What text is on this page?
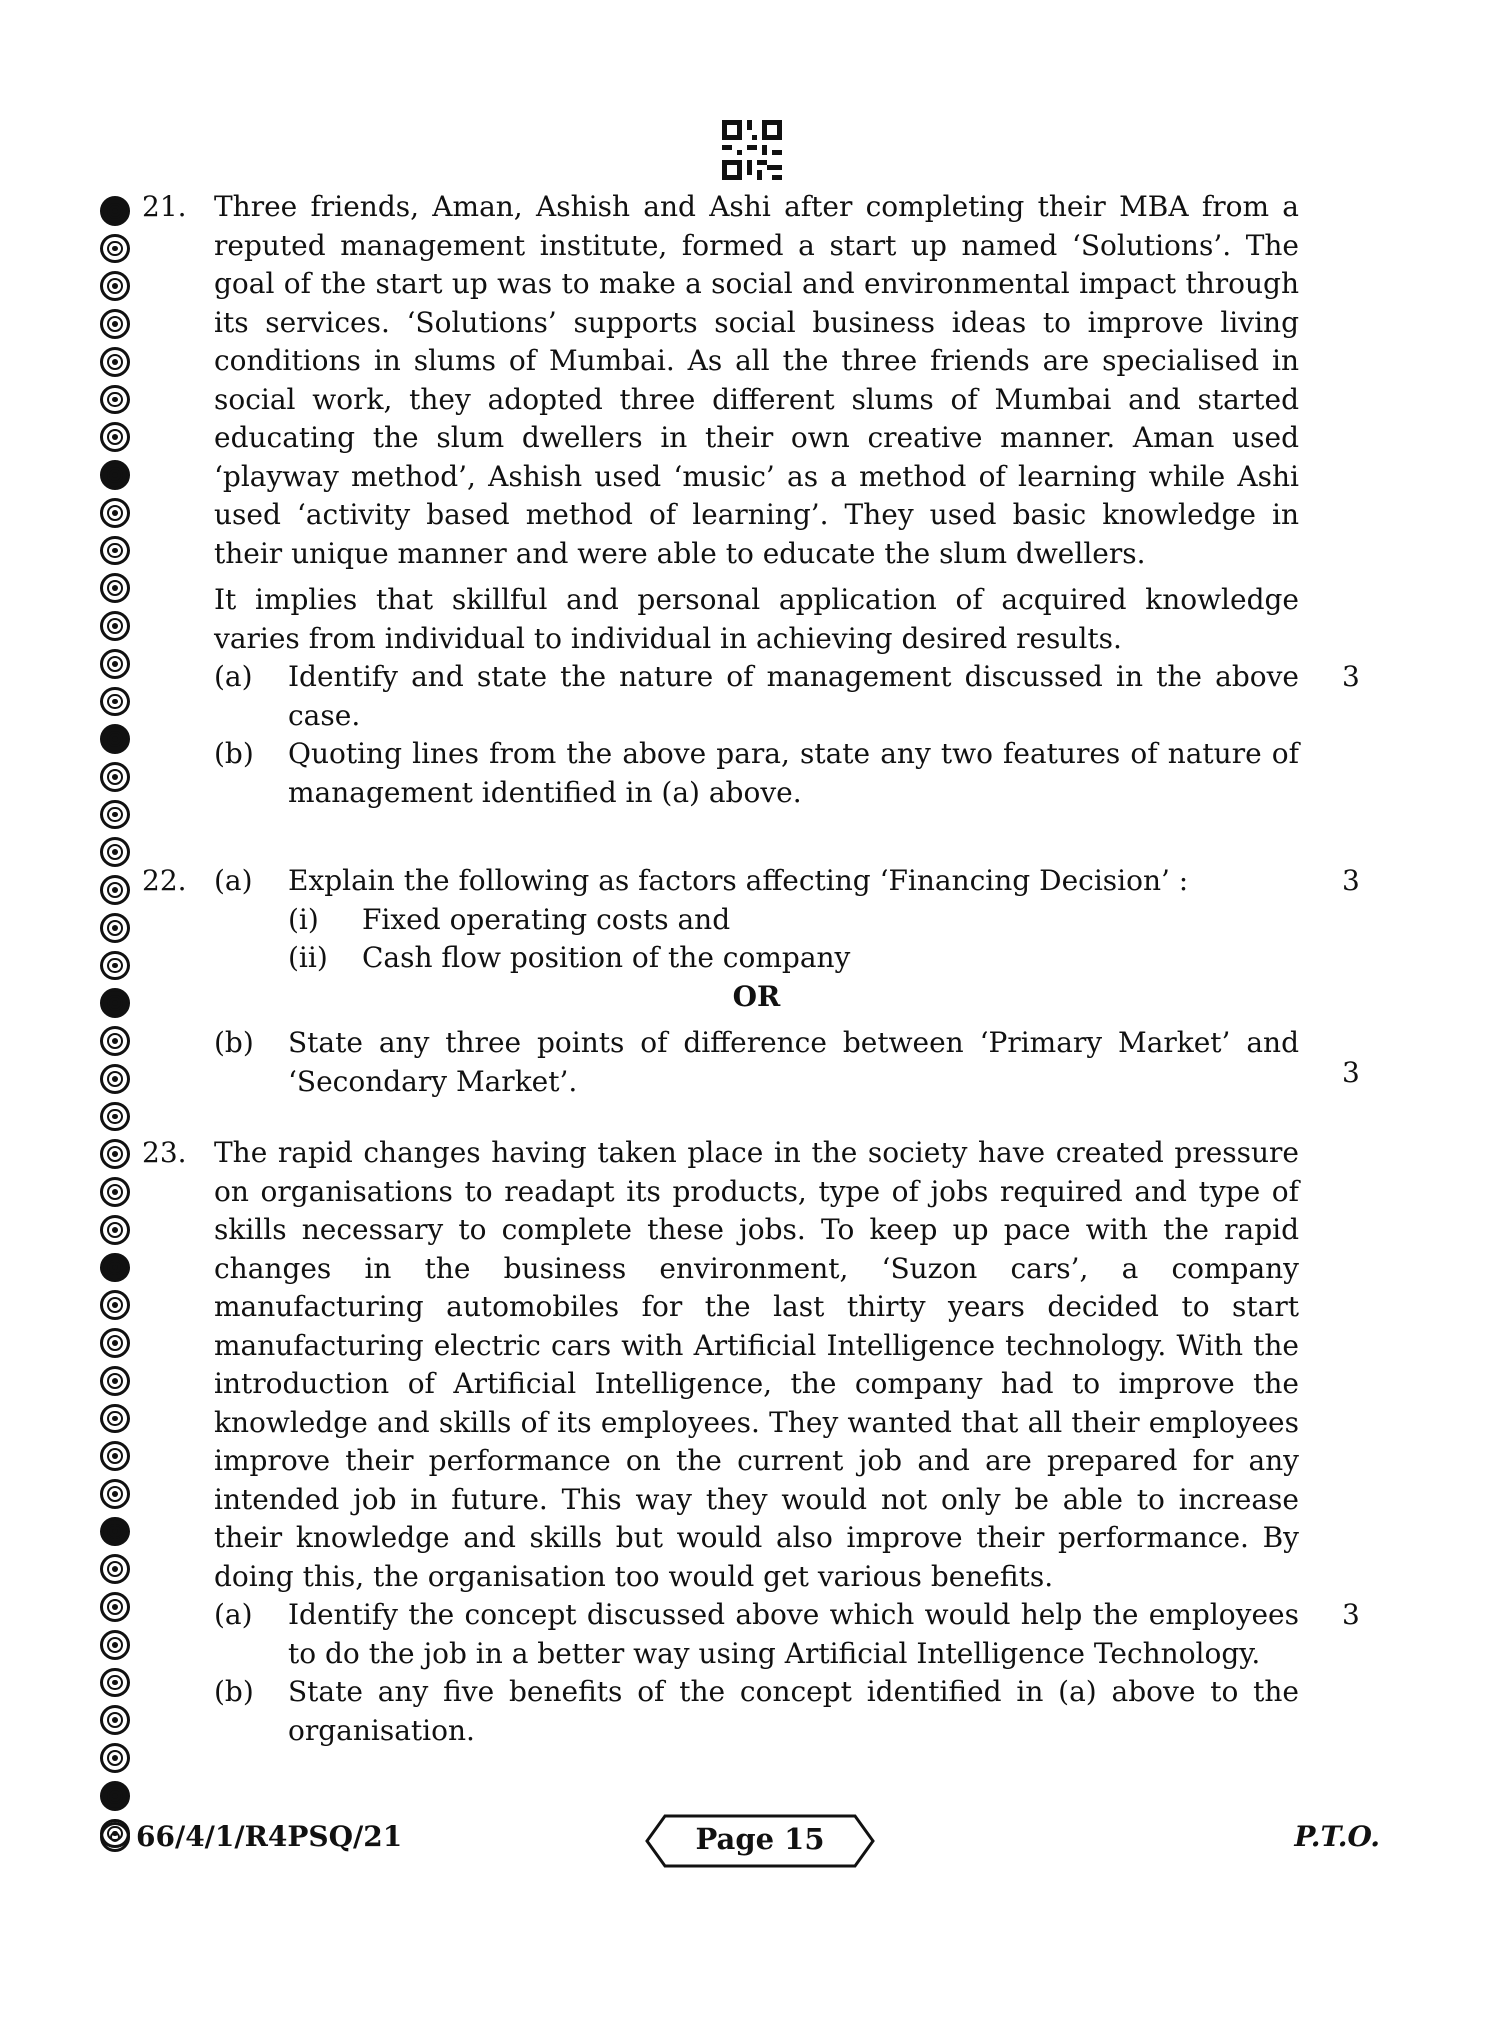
21. Three friends, Aman, Ashish and Ashi after completing their MBA from a reputed management institute, formed a start up named ‘Solutions’. The goal of the start up was to make a social and environmental impact through its services. ‘Solutions’ supports social business ideas to improve living conditions in slums of Mumbai. As all the three friends are specialised in social work, they adopted three different slums of Mumbai and started educating the slum dwellers in their own creative manner. Aman used ‘playway method’, Ashish used ‘music’ as a method of learning while Ashi used ‘activity based method of learning’. They used basic knowledge in their unique manner and were able to educate the slum dwellers.

It implies that skillful and personal application of acquired knowledge varies from individual to individual in achieving desired results.

(a)	Identify and state the nature of management discussed in the above case.
(b)	Quoting lines from the above para, state any two features of nature of management identified in (a) above.
3
22. (a)	Explain the following as factors affecting ‘Financing Decision’ :
(i)	Fixed operating costs and
(ii)	Cash flow position of the company

OR

(b)	State any three points of difference between ‘Primary Market’ and ‘Secondary Market’.
3
3
23. The rapid changes having taken place in the society have created pressure on organisations to readapt its products, type of jobs required and type of skills necessary to complete these jobs. To keep up pace with the rapid changes in the business environment, ‘Suzon cars’, a company manufacturing automobiles for the last thirty years decided to start manufacturing electric cars with Artificial Intelligence technology. With the introduction of Artificial Intelligence, the company had to improve the knowledge and skills of its employees. They wanted that all their employees improve their performance on the current job and are prepared for any intended job in future. This way they would not only be able to increase their knowledge and skills but would also improve their performance. By doing this, the organisation too would get various benefits.

(a)	Identify the concept discussed above which would help the employees to do the job in a better way using Artificial Intelligence Technology.
(b)	State any five benefits of the concept identified in (a) above to the organisation.
3
66/4/1/R4PSQ/21	Page 15	P.T.O.
